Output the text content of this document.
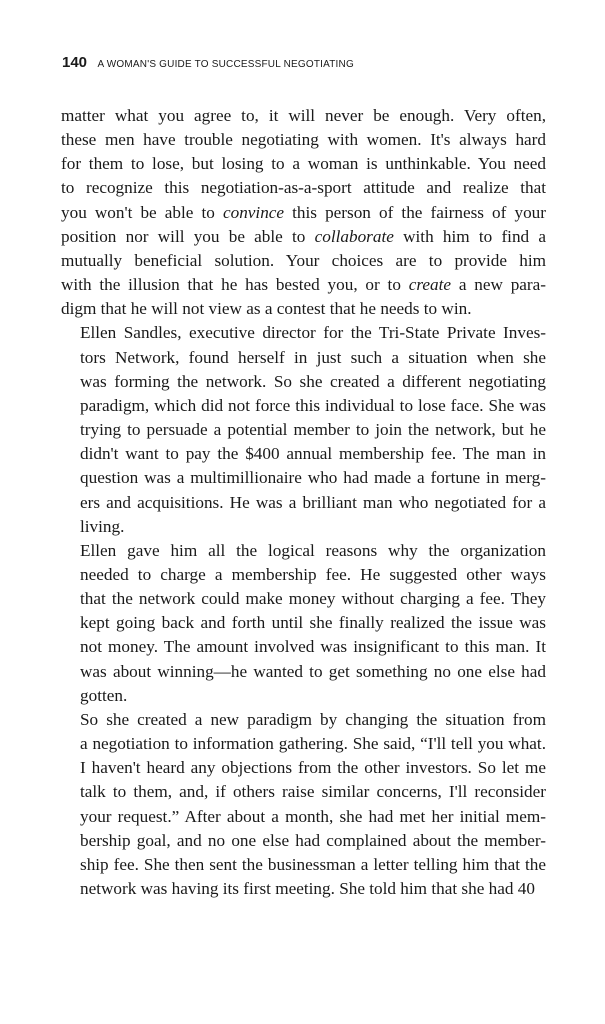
140 A WOMAN'S GUIDE TO SUCCESSFUL NEGOTIATING

matter what you agree to, it will never be enough. Very often,
these men have trouble negotiating with women. It's always hard
for them to lose, but losing to a woman is unthinkable. You need
to recognize this negotiation-as-a-sport attitude and realize that
you won't be able to convince this person of the fairness of your
position nor will you be able to collaborate with him to find a
mutually beneficial solution. Your choices are to provide him
with the illusion that he has bested you, or to create a new para-
digm that he will not view as a contest that he needs to win.

Ellen Sandles, executive director for the Tri-State Private Inves-
tors Network, found herself in just such a situation when she
was forming the network. So she created a different negotiating
paradigm, which did not force this individual to lose face. She was
trying to persuade a potential member to join the network, but he
didn't want to pay the $400 annual membership fee. The man in
question was a multimillionaire who had made a fortune in merg-
ers and acquisitions. He was a brilliant man who negotiated for a
living.

Ellen gave him all the logical reasons why the organization
needed to charge a membership fee. He suggested other ways
that the network could make money without charging a fee. They
kept going back and forth until she finally realized the issue was
not money. The amount involved was insignificant to this man. It
was about winning—he wanted to get something no one else had
gotten.

So she created a new paradigm by changing the situation from
a negotiation to information gathering. She said, “I'll tell you what.
I haven't heard any objections from the other investors. So let me
talk to them, and, if others raise similar concerns, I'll reconsider
your request.” After about a month, she had met her initial mem-
bership goal, and no one else had complained about the member-
ship fee. She then sent the businessman a letter telling him that the
network was having its first meeting. She told him that she had 40
